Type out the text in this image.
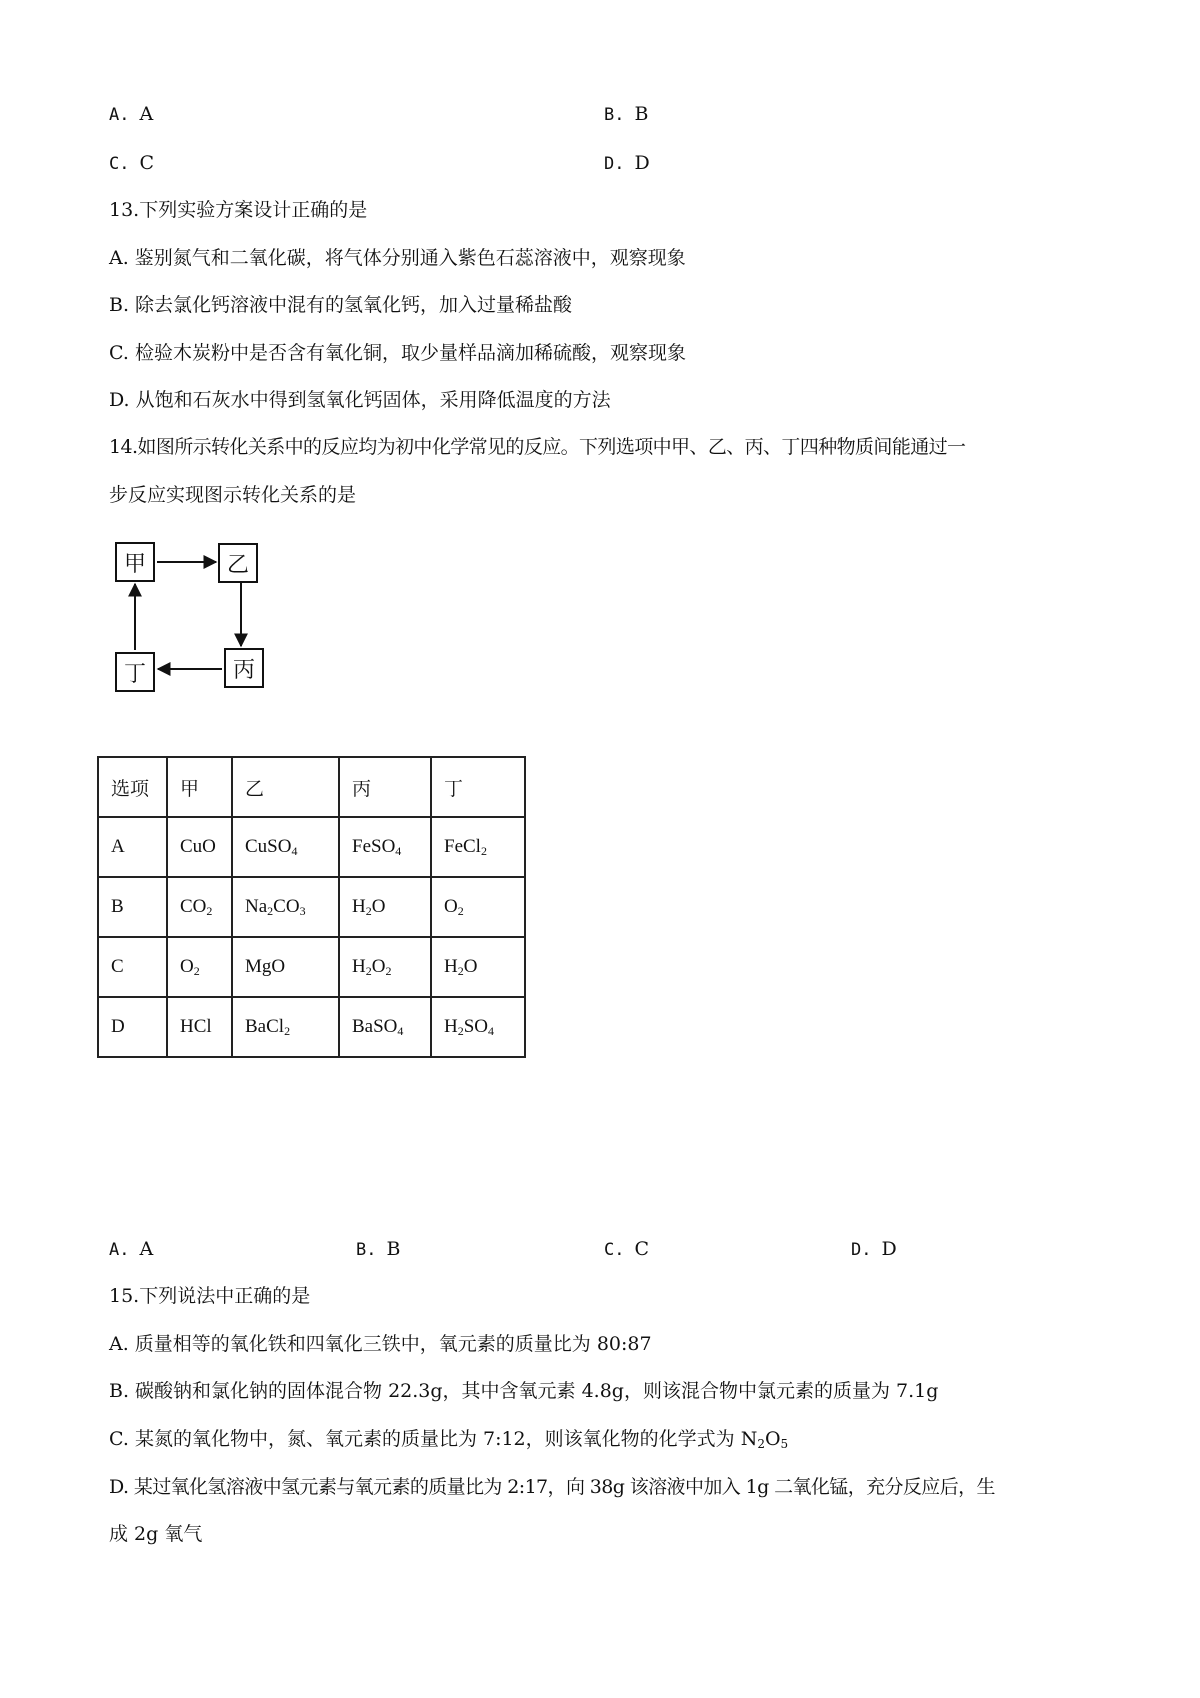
A. A	B. B
C. C	D. D
13.下列实验方案设计正确的是
A. 鉴别氮气和二氧化碳，将气体分别通入紫色石蕊溶液中，观察现象
B. 除去氯化钙溶液中混有的氢氧化钙，加入过量稀盐酸
C. 检验木炭粉中是否含有氧化铜，取少量样品滴加稀硫酸，观察现象
D. 从饱和石灰水中得到氢氧化钙固体，采用降低温度的方法
14.如图所示转化关系中的反应均为初中化学常见的反应。下列选项中甲、乙、丙、丁四种物质间能通过一
步反应实现图示转化关系的是
甲	乙
丙
丁
选项	甲	乙	丙	丁
A	CuO	CuSO$_4$	FeSO$_4$	FeCl$_2$
B	$CO_2$	$Na_2CO_3$	$H_2O$	$O_2$
C	$O_2$	MgO	$H_2O_2$	$H_2O$
D	HCl	BaCl$_2$	BaSO$_4$	$H_2SO_4$
A. A	B. B	C. C	D. D
15.下列说法中正确的是
A. 质量相等的氧化铁和四氧化三铁中，氧元素的质量比为 80:87
B. 碳酸钠和氯化钠的固体混合物 22.3g，其中含氧元素 4.8g，则该混合物中氯元素的质量为 7.1g
C. 某氮的氧化物中，氮、氧元素的质量比为 7:12，则该氧化物的化学式为 $N_2O_5$
D. 某过氧化氢溶液中氢元素与氧元素的质量比为 2:17，向 38g 该溶液中加入 1g 二氧化锰，充分反应后，生
成 2g 氧气
